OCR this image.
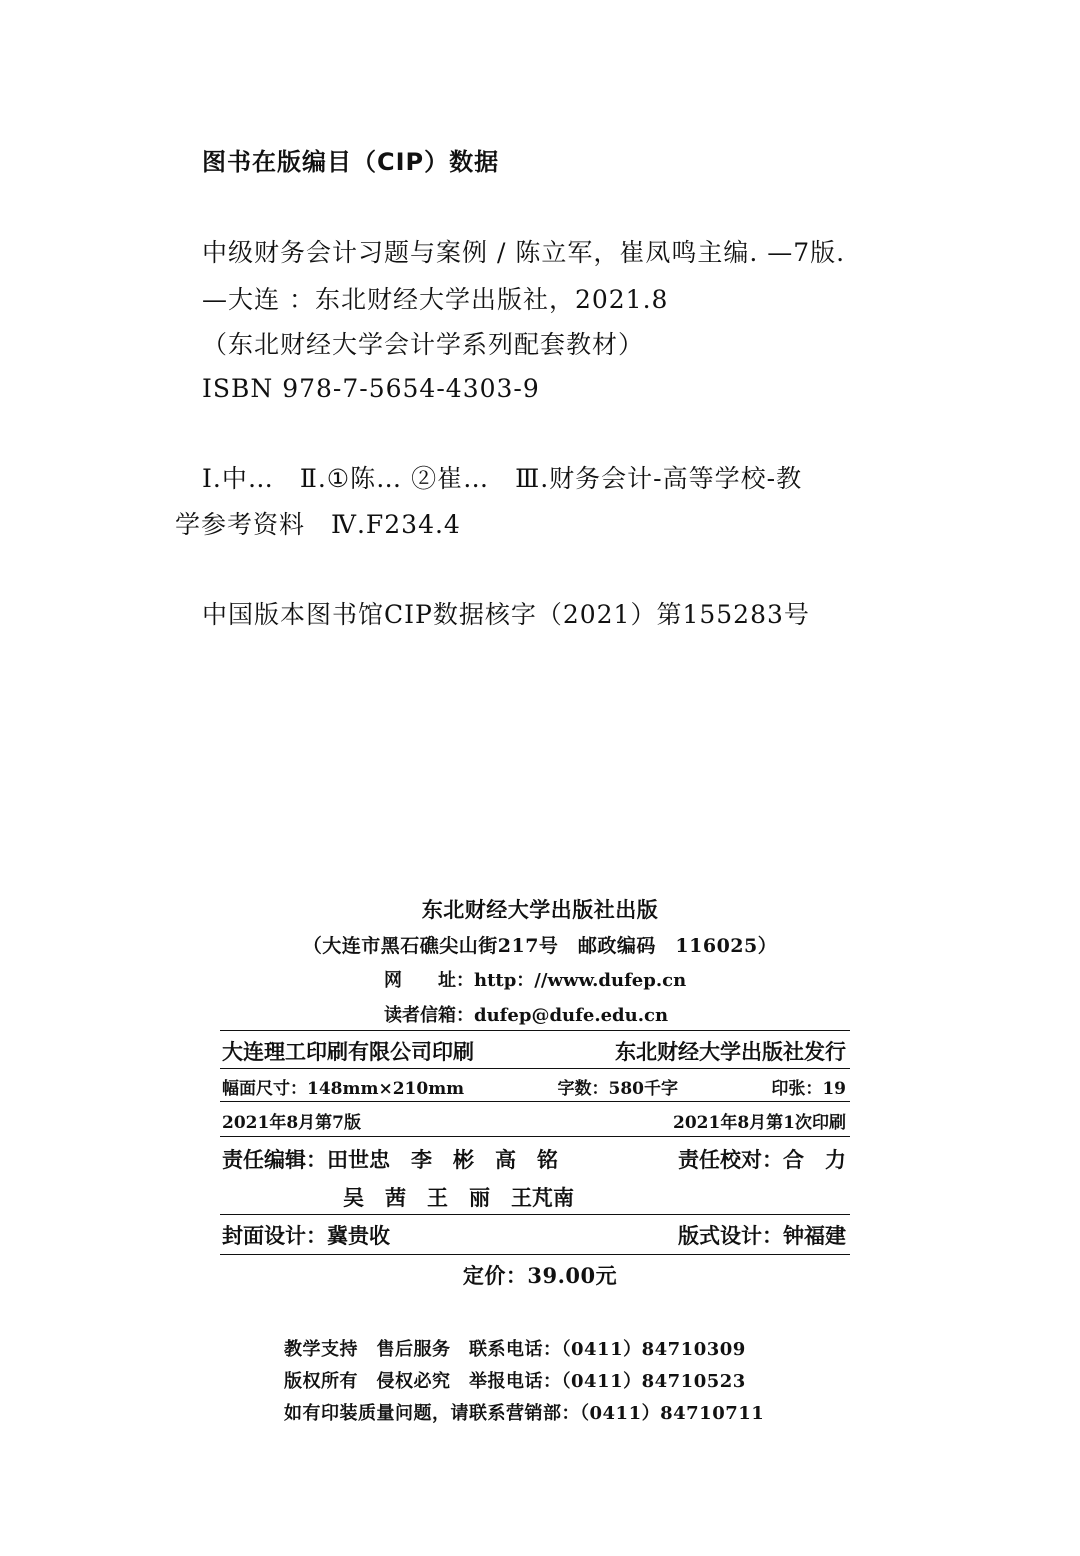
图书在版编目（CIP）数据
中级财务会计习题与案例 / 陈立军，崔凤鸣主编. —7版.
—大连 ：东北财经大学出版社，2021.8
（东北财经大学会计学系列配套教材）
ISBN 978-7-5654-4303-9
Ⅰ.中…　Ⅱ.①陈… ②崔…　Ⅲ.财务会计-高等学校-教
学参考资料　Ⅳ.F234.4
中国版本图书馆CIP数据核字（2021）第155283号
东北财经大学出版社出版
（大连市黑石礁尖山街217号　邮政编码　116025）
网　　址：http：//www.dufep.cn
读者信箱：dufep@dufe.edu.cn
大连理工印刷有限公司印刷	东北财经大学出版社发行
幅面尺寸：148mm×210mm	字数：580千字	印张：19
2021年8月第7版	2021年8月第1次印刷
责任编辑：田世忠　李　彬　高　铭	责任校对：合　力
吴　茜　王　丽　王芃南
封面设计：冀贵收	版式设计：钟福建
定价：39.00元
教学支持　售后服务　联系电话：（0411）84710309
版权所有　侵权必究　举报电话：（0411）84710523
如有印装质量问题，请联系营销部：（0411）84710711
